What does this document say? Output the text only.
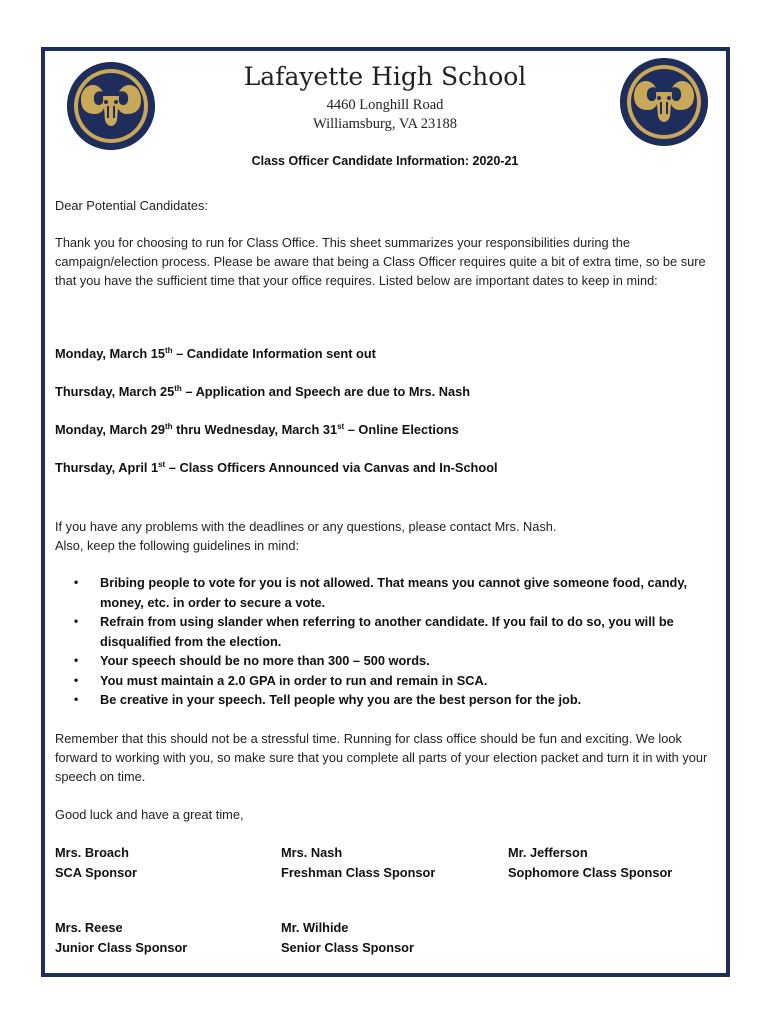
Lafayette High School
4460 Longhill Road
Williamsburg, VA 23188
Class Officer Candidate Information: 2020-21
Dear Potential Candidates:
Thank you for choosing to run for Class Office. This sheet summarizes your responsibilities during the campaign/election process. Please be aware that being a Class Officer requires quite a bit of extra time, so be sure that you have the sufficient time that your office requires. Listed below are important dates to keep in mind:
Monday, March 15th – Candidate Information sent out
Thursday, March 25th – Application and Speech are due to Mrs. Nash
Monday, March 29th thru Wednesday, March 31st – Online Elections
Thursday, April 1st – Class Officers Announced via Canvas and In-School
If you have any problems with the deadlines or any questions, please contact Mrs. Nash.
Also, keep the following guidelines in mind:
• Bribing people to vote for you is not allowed. That means you cannot give someone food, candy, money, etc. in order to secure a vote.
• Refrain from using slander when referring to another candidate. If you fail to do so, you will be disqualified from the election.
• Your speech should be no more than 300 – 500 words.
• You must maintain a 2.0 GPA in order to run and remain in SCA.
• Be creative in your speech. Tell people why you are the best person for the job.
Remember that this should not be a stressful time. Running for class office should be fun and exciting. We look forward to working with you, so make sure that you complete all parts of your election packet and turn it in with your speech on time.
Good luck and have a great time,
Mrs. Broach
SCA Sponsor
Mrs. Nash
Freshman Class Sponsor
Mr. Jefferson
Sophomore Class Sponsor
Mrs. Reese
Junior Class Sponsor
Mr. Wilhide
Senior Class Sponsor
